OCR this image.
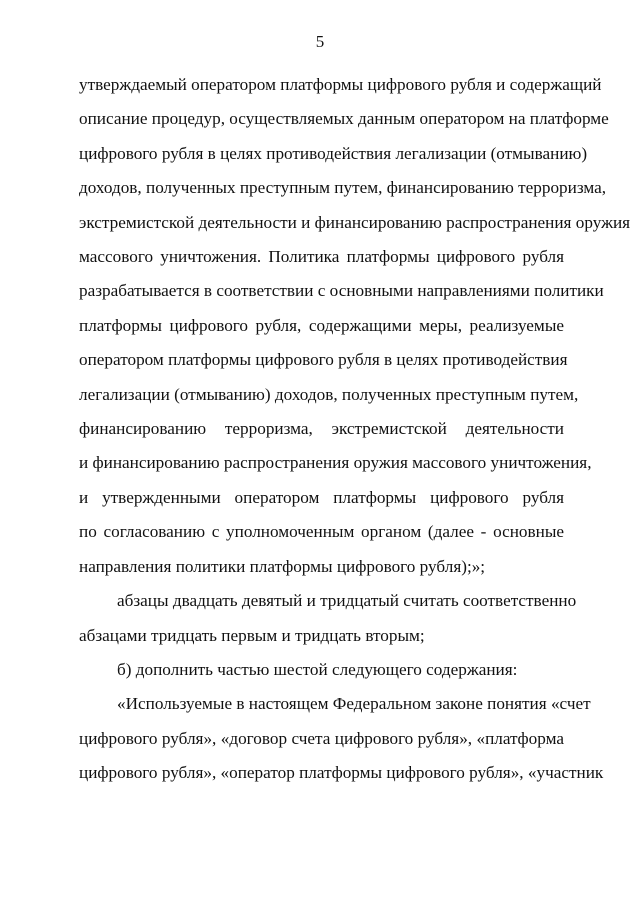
5
утверждаемый оператором платформы цифрового рубля и содержащий
описание процедур, осуществляемых данным оператором на платформе
цифрового рубля в целях противодействия легализации (отмыванию)
доходов, полученных преступным путем, финансированию терроризма,
экстремистской деятельности и финансированию распространения оружия
массового уничтожения. Политика платформы цифрового рубля
разрабатывается в соответствии с основными направлениями политики
платформы цифрового рубля, содержащими меры, реализуемые
оператором платформы цифрового рубля в целях противодействия
легализации (отмыванию) доходов, полученных преступным путем,
финансированию терроризма, экстремистской деятельности
и финансированию распространения оружия массового уничтожения,
и утвержденными оператором платформы цифрового рубля
по согласованию с уполномоченным органом (далее - основные
направления политики платформы цифрового рубля);»;
абзацы двадцать девятый и тридцатый считать соответственно
абзацами тридцать первым и тридцать вторым;
б) дополнить частью шестой следующего содержания:
«Используемые в настоящем Федеральном законе понятия «счет
цифрового рубля», «договор счета цифрового рубля», «платформа
цифрового рубля», «оператор платформы цифрового рубля», «участник
